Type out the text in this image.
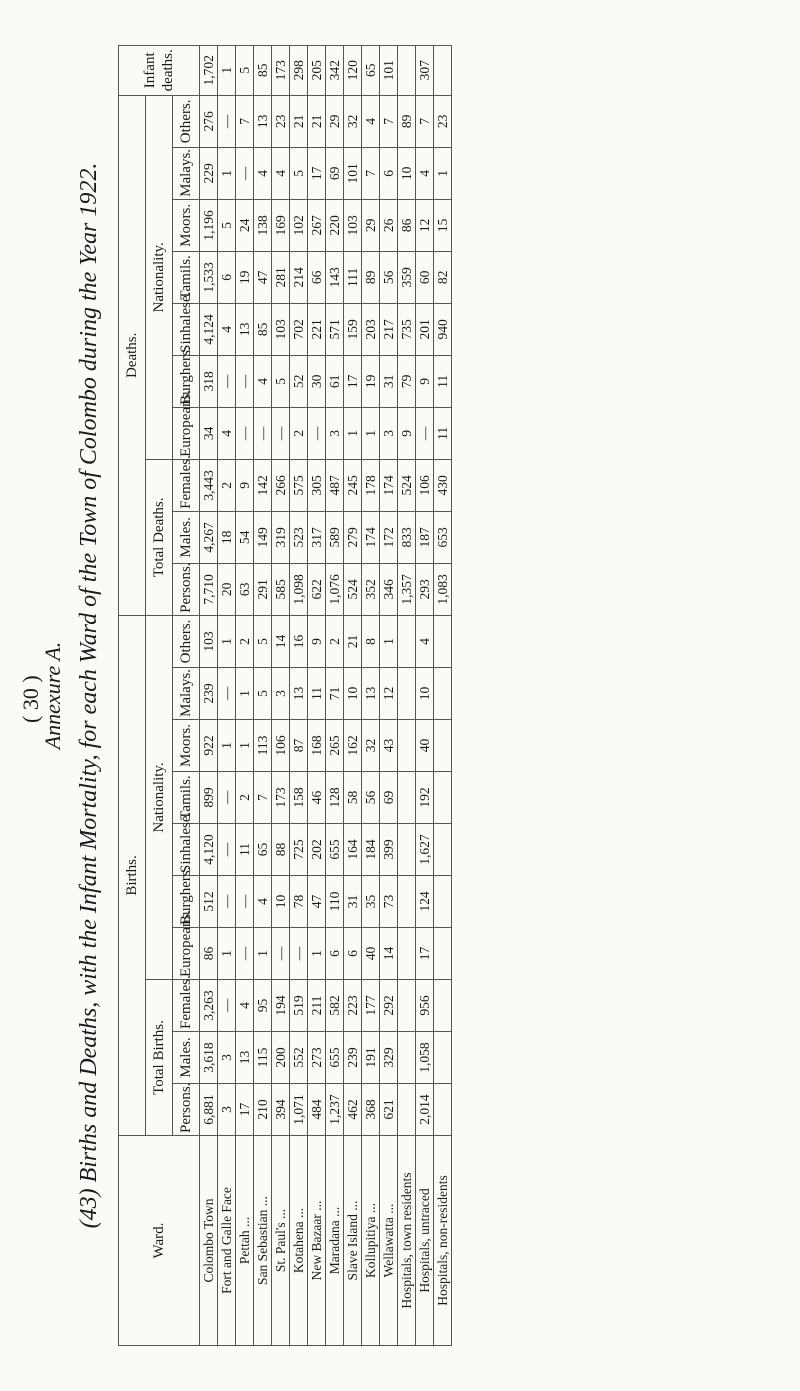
( 30 )
Annexure A. (43) Births and Deaths, with the Infant Mortality, for each Ward of the Town of Colombo during the Year 1922.
Ward.	Births.										Deaths.										Infant deaths.
	Total Births.			Nationality.							Total Deaths.			Nationality.							
	Persons.	Males.	Females.	Europeans.	Burghers.	Sinhalese.	Tamils.	Moors.	Malays.	Others.	Persons.	Males.	Females.	Europeans.	Burghers.	Sinhalese.	Tamils.	Moors.	Malays.	Others.	
Colombo Town	6,881	3,618	3,263	86	512	4,120	899	922	239	103	7,710	4,267	3,443	34	318	4,124	1,533	1,196	229	276	1,702
Fort and Galle Face	3	3	—	1	—	—	—	1	—	1	20	18	2	4	—	4	6	5	1	—	1
Pettah ...	17	13	4	—	—	11	2	1	1	2	63	54	9	—	—	13	19	24	—	7	5
San Sebastian ...	210	115	95	1	4	65	7	113	5	5	291	149	142	—	4	85	47	138	4	13	85
St. Paul's ...	394	200	194	—	10	88	173	106	3	14	585	319	266	—	5	103	281	169	4	23	173
Kotahena ...	1,071	552	519	—	78	725	158	87	13	16	1,098	523	575	2	52	702	214	102	5	21	298
New Bazaar ...	484	273	211	1	47	202	46	168	11	9	622	317	305	—	30	221	66	267	17	21	205
Maradana ...	1,237	655	582	6	110	655	128	265	71	2	1,076	589	487	3	61	571	143	220	69	29	342
Slave Island ...	462	239	223	6	31	164	58	162	10	21	524	279	245	1	17	159	111	103	101	32	120
Kollupitiya ...	368	191	177	40	35	184	56	32	13	8	352	174	178	1	19	203	89	29	7	4	65
Wellawatta ...	621	329	292	14	73	399	69	43	12	1	346	172	174	3	31	217	56	26	6	7	101
Hospitals, town residents											1,357	833	524	9	79	735	359	86	10	89	
Hospitals, untraced	2,014	1,058	956	17	124	1,627	192	40	10	4	293	187	106	—	9	201	60	12	4	7	307
Hospitals, non-residents											1,083	653	430	11	11	940	82	15	1	23	
